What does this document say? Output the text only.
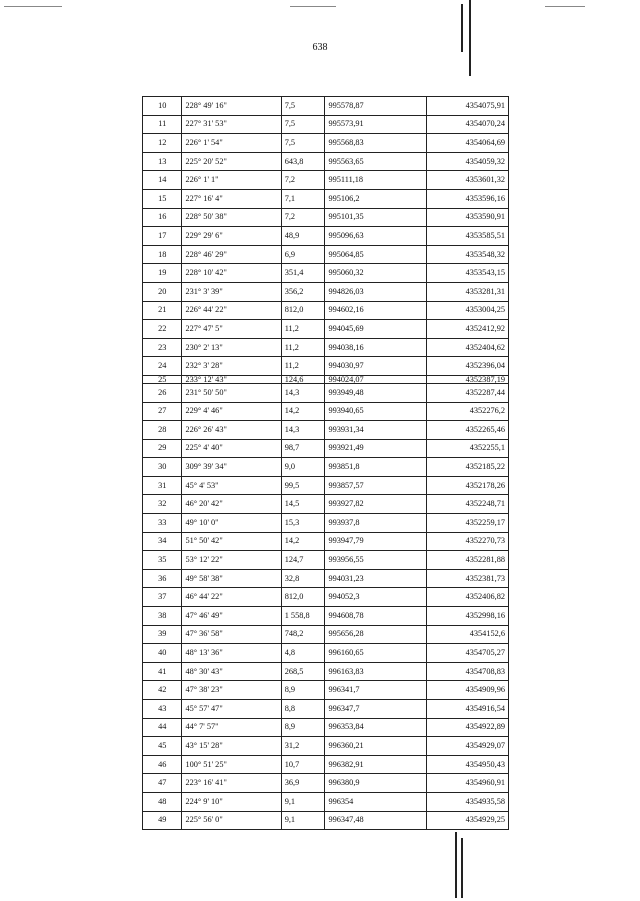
638
10	228° 49' 16"	7,5	995578,87	4354075,91
11	227° 31' 53"	7,5	995573,91	4354070,24
12	226° 1' 54"	7,5	995568,83	4354064,69
13	225° 20' 52"	643,8	995563,65	4354059,32
14	226° 1' 1"	7,2	995111,18	4353601,32
15	227° 16' 4"	7,1	995106,2	4353596,16
16	228° 50' 38"	7,2	995101,35	4353590,91
17	229° 29' 6"	48,9	995096,63	4353585,51
18	228° 46' 29"	6,9	995064,85	4353548,32
19	228° 10' 42"	351,4	995060,32	4353543,15
20	231° 3' 39"	356,2	994826,03	4353281,31
21	226° 44' 22"	812,0	994602,16	4353004,25
22	227° 47' 5"	11,2	994045,69	4352412,92
23	230° 2' 13"	11,2	994038,16	4352404,62
24	232° 3' 28"	11,2	994030,97	4352396,04
25	233° 12' 43"	124,6	994024,07	4352387,19
26	231° 50' 50"	14,3	993949,48	4352287,44
27	229° 4' 46"	14,2	993940,65	4352276,2
28	226° 26' 43"	14,3	993931,34	4352265,46
29	225° 4' 40"	98,7	993921,49	4352255,1
30	309° 39' 34"	9,0	993851,8	4352185,22
31	45° 4' 53"	99,5	993857,57	4352178,26
32	46° 20' 42"	14,5	993927,82	4352248,71
33	49° 10' 0"	15,3	993937,8	4352259,17
34	51° 50' 42"	14,2	993947,79	4352270,73
35	53° 12' 22"	124,7	993956,55	4352281,88
36	49° 58' 38"	32,8	994031,23	4352381,73
37	46° 44' 22"	812,0	994052,3	4352406,82
38	47° 46' 49"	1 558,8	994608,78	4352998,16
39	47° 36' 58"	748,2	995656,28	4354152,6
40	48° 13' 36"	4,8	996160,65	4354705,27
41	48° 30' 43"	268,5	996163,83	4354708,83
42	47° 38' 23"	8,9	996341,7	4354909,96
43	45° 57' 47"	8,8	996347,7	4354916,54
44	44° 7' 57"	8,9	996353,84	4354922,89
45	43° 15' 28"	31,2	996360,21	4354929,07
46	100° 51' 25"	10,7	996382,91	4354950,43
47	223° 16' 41"	36,9	996380,9	4354960,91
48	224° 9' 10"	9,1	996354	4354935,58
49	225° 56' 0"	9,1	996347,48	4354929,25
